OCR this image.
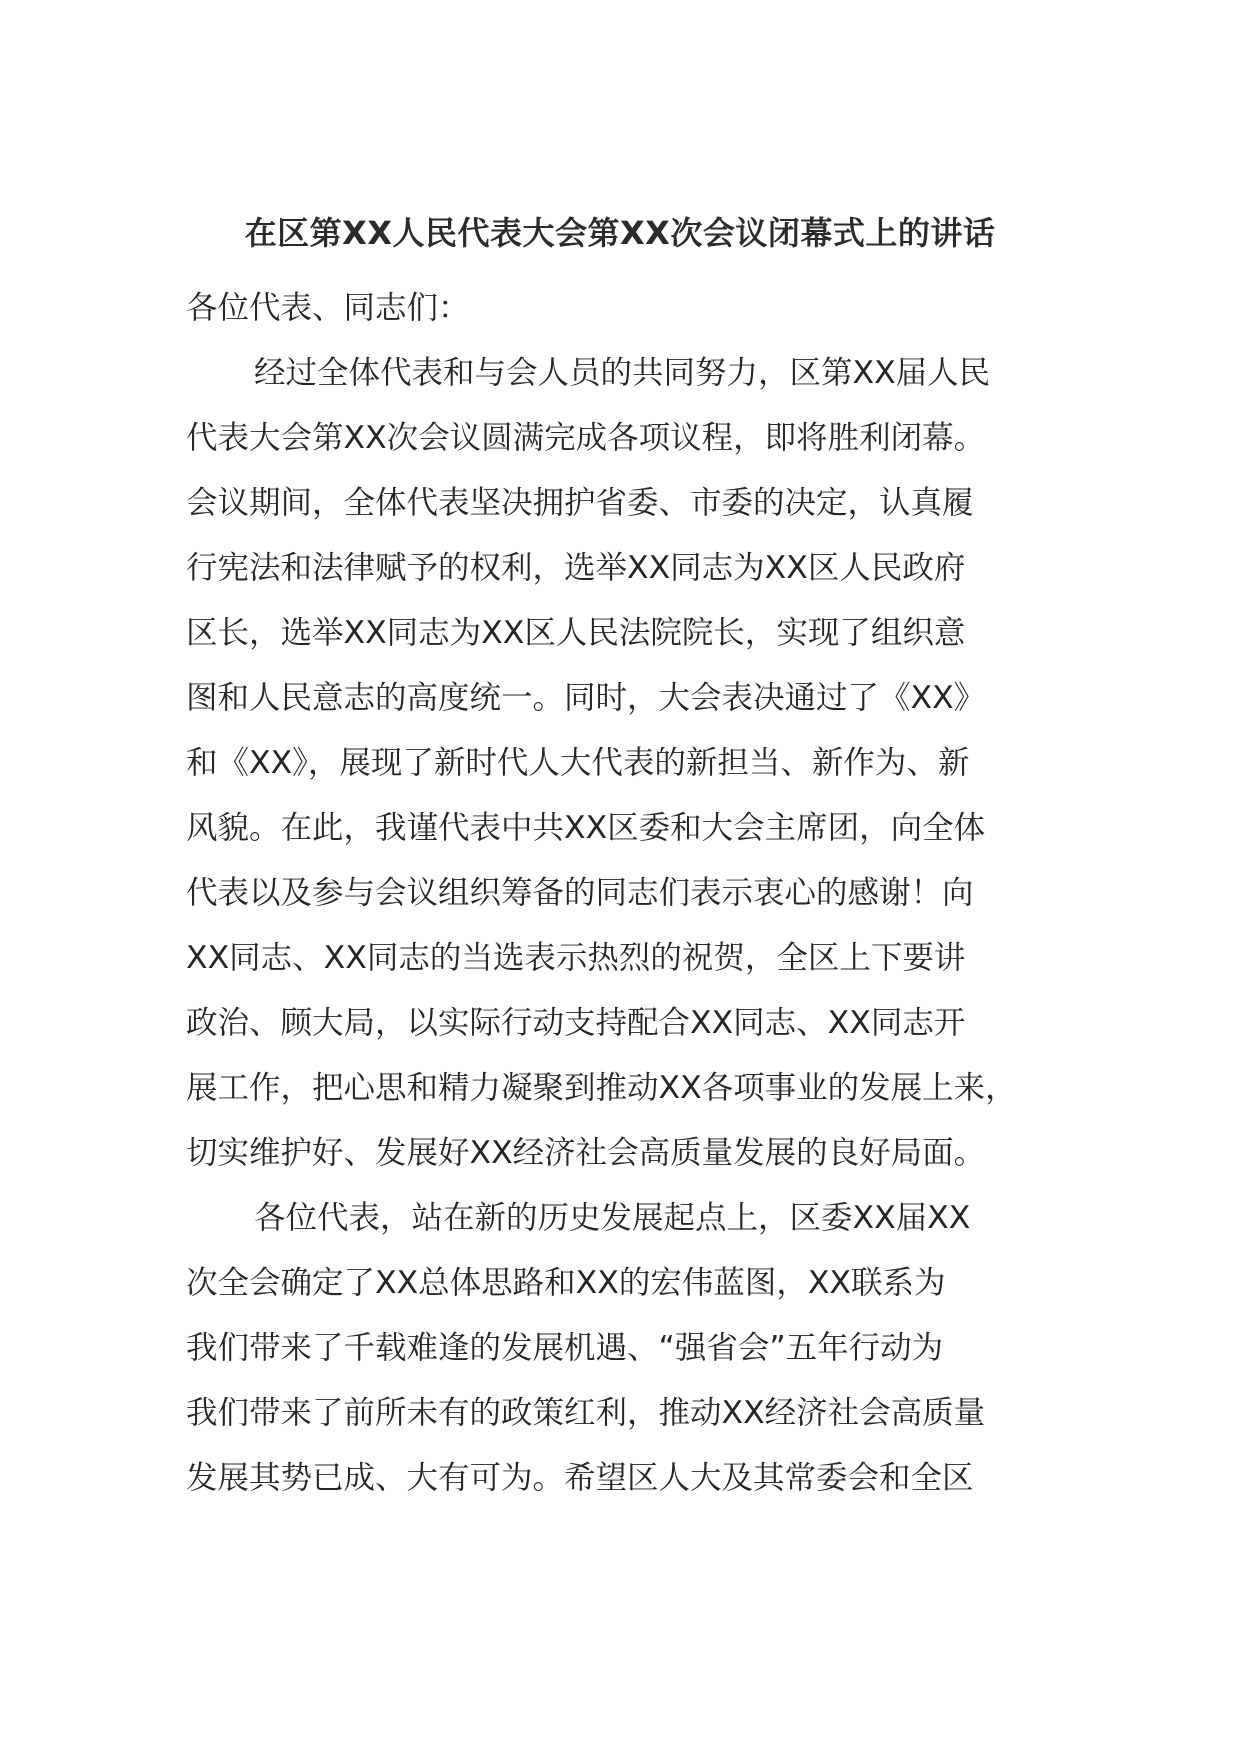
在区第XX人民代表大会第XX次会议闭幕式上的讲话
各位代表、同志们：
经过全体代表和与会人员的共同努力，区第XX届人民
代表大会第XX次会议圆满完成各项议程，即将胜利闭幕。
会议期间，全体代表坚决拥护省委、市委的决定，认真履
行宪法和法律赋予的权利，选举XX同志为XX区人民政府
区长，选举XX同志为XX区人民法院院长，实现了组织意
图和人民意志的高度统一。同时，大会表决通过了《XX》
和《XX》，展现了新时代人大代表的新担当、新作为、新
风貌。在此，我谨代表中共XX区委和大会主席团，向全体
代表以及参与会议组织筹备的同志们表示衷心的感谢！向
XX同志、XX同志的当选表示热烈的祝贺，全区上下要讲
政治、顾大局，以实际行动支持配合XX同志、XX同志开
展工作，把心思和精力凝聚到推动XX各项事业的发展上来，
切实维护好、发展好XX经济社会高质量发展的良好局面。
各位代表，站在新的历史发展起点上，区委XX届XX
次全会确定了XX总体思路和XX的宏伟蓝图，XX联系为
我们带来了千载难逢的发展机遇、“强省会”五年行动为
我们带来了前所未有的政策红利，推动XX经济社会高质量
发展其势已成、大有可为。希望区人大及其常委会和全区
